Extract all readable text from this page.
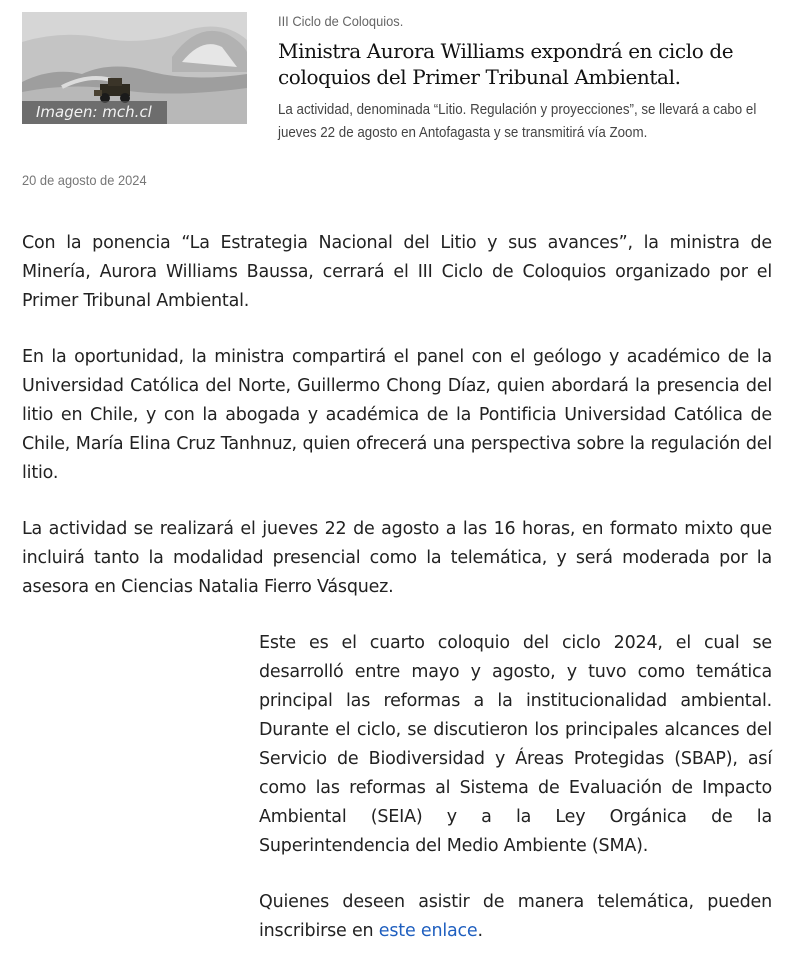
Imagen: mch.cl

III Ciclo de Coloquios.

Ministra Aurora Williams expondrá en ciclo de coloquios del Primer Tribunal Ambiental.

La actividad, denominada “Litio. Regulación y proyecciones”, se llevará a cabo el jueves 22 de agosto en Antofagasta y se transmitirá vía Zoom.

20 de agosto de 2024

Con la ponencia “La Estrategia Nacional del Litio y sus avances”, la ministra de Minería, Aurora Williams Baussa, cerrará el III Ciclo de Coloquios organizado por el Primer Tribunal Ambiental.

En la oportunidad, la ministra compartirá el panel con el geólogo y académico de la Universidad Católica del Norte, Guillermo Chong Díaz, quien abordará la presencia del litio en Chile, y con la abogada y académica de la Pontificia Universidad Católica de Chile, María Elina Cruz Tanhnuz, quien ofrecerá una perspectiva sobre la regulación del litio.

La actividad se realizará el jueves 22 de agosto a las 16 horas, en formato mixto que incluirá tanto la modalidad presencial como la telemática, y será moderada por la asesora en Ciencias Natalia Fierro Vásquez.

Este es el cuarto coloquio del ciclo 2024, el cual se desarrolló entre mayo y agosto, y tuvo como temática principal las reformas a la institucionalidad ambiental. Durante el ciclo, se discutieron los principales alcances del Servicio de Biodiversidad y Áreas Protegidas (SBAP), así como las reformas al Sistema de Evaluación de Impacto Ambiental (SEIA) y a la Ley Orgánica de la Superintendencia del Medio Ambiente (SMA).

Quienes deseen asistir de manera telemática, pueden inscribirse en este enlace.
